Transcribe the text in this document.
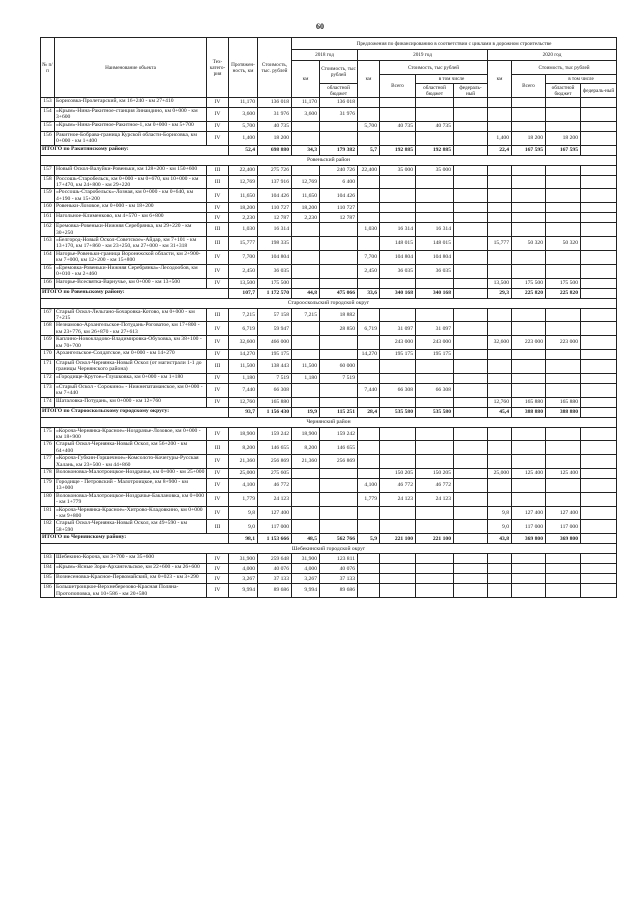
60
№ п/п	Наименование объекта	Тех-катего-рия	Протяжен-ность, км	Стоимость, тыс. рублей	Предложения по финансированию в соответствии с циклами в дорожном строительстве									
					2018 год		2019 год				2020 год			
					км	Стоимость, тыс рублей	км	Стоимость, тыс рублей			км	Стоимость, тыс рублей		
								Всего	в том числе			Всего	в том числе	
						областной бюджет			областной бюджет	федераль-ный			областной бюджет	федераль-ный
153	Борисовка-Пролетарский, км 16+240 - км 27+410	IV	11,170	136 018	11,170	136 018								
154	«Крым»-Нина-Ракитное-станция Зинаидино, км 0+000 - км 3+600	IV	3,600	31 976	3,600	31 976								
155	«Крым»-Нина-Ракитное-Ракитное-1, км 0+000 - км 5+700	IV	5,700	40 735			5,700	40 735	40 735					
156	Ракитное-Бобрава-граница Курской области-Борисовка, км 0+000 - км 1+400	IV	1,400	18 200							1,400	18 200	18 200	
ИТОГО по Ракитянскому району:			52,4	698 880	34,3	179 382	5,7	192 885	192 885		22,4	167 595	167 595	
Ровеньский район														
157	Новый Оскол-Валуйки-Ровеньки, км 128+200 - км 150+600	III	22,400	275 726		240 726	22,400	35 000	35 000					
158	Россошь-Старобельск, км 0+000 - км 0+670, км 10+000 - км 17+470, км 24+800 - км 29+220	III	12,769	137 916	12,769	6 400								
159	«Россошь-Старобельск»-Лозная, км 0+000 - км 0+640, км 4+190 - км 15+200	IV	11,650	104 426	11,650	104 426								
160	Ровеньки-Лозовое, км 0+000 - км 18+200	IV	18,200	110 727	18,200	110 727								
161	Нагольное-Клименково, км 4+570 - км 6+800	IV	2,230	12 787	2,230	12 787								
162	Еремовка-Ровеньки-Нижняя Серебрянка, км 29+220 - км 30+250	III	1,030	16 314			1,030	16 314	16 314					
163	«Белгород-Новый Оскол-Советское»-Айдар, км 7+101 - км 13+170, км 17+860 - км 23+250, км 27+000 - км 31+318	III	15,777	198 335				148 015	148 015		15,777	50 320	50 320	
164	Нагорье-Ровеньки-граница Воронежской области, км 2+900-км 7+000, км 12+200 - км 15+800	IV	7,700	104 804			7,700	104 804	104 804					
165	«Еремовка-Ровеньки-Нижняя Серебрянка»-Лесодообов, км 0+010 - км 2+460	IV	2,450	36 035			2,450	36 035	36 035					
166	Нагорье-Всесвятка-Варнучье, км 0+000 - км 13+500	IV	13,500	175 500							13,500	175 500	175 500	
ИТОГО по Ровеньскому району:			107,7	1 172 570	44,8	475 066	33,6	340 168	340 168		29,3	225 820	225 820	
Старооскольский городской округ														
167	Старый Оскол-Лельгано-Бочаровка-Котово, км 0+000 - км 7+215	III	7,215	57 158	7,215	18 882								
168	Незнамово-Архангельское-Потудань-Роговатое, км 17+800 - км 23+776, км 26+870 - км 27+613	IV	6,719	59 947		28 850	6,719	31 097	31 097					
169	Каплино-Новокладово-Владимировка-Обуховка, км 38+100 - км 70+700	IV	32,600	466 000				243 000	243 000		32,600	223 000	223 000	
170	Архангельское-Солдатское, км 0+000 - км 14+270	IV	14,270	195 175			14,270	195 175	195 175					
171	Старый Оскол-Чернянка-Новый Оскол (от магистрали 1-1 до границы Чернянского района)	III	11,500	138 443	11,500	60 000								
172	«Городище-Крутое»-Глушковка, км 0+000 - км 1+180	IV	1,180	7 519	1,180	7 519								
173	«Старый Оскол - Сорокино» - Нижнепатаманское, км 0+000 - км 7+440	IV	7,440	66 308			7,440	66 308	66 308					
174	Шаталовка-Потудань, км 0+000 - км 12+760	IV	12,760	165 880							12,760	165 880	165 880	
ИТОГО по Старооскольскому городскому округу:			93,7	1 156 430	19,9	115 251	28,4	535 580	535 580		45,4	388 880	388 880	
Чернянский район														
175	«Короча-Чернянка-Красное»-Ноздрачье-Лозовое, км 0+000 - км 18+900	IV	18,900	159 242	18,900	159 242								
176	Старый Оскол-Чернянка-Новый Оскол, км 56+200 - км 64+400	III	8,200	146 655	8,200	146 655								
177	«Короча-Губкин-Горшечное»-Комсолото-Кочегуры-Русская Халань, км 23+500 - км 44+860	IV	21,360	256 869	21,360	256 869								
178	Волоконовка-Малотроицкое-Ноздрачье, км 0+000 - км 25+000	IV	25,000	275 605				150 205	150 205		25,000	125 400	125 400	
179	Городище - Петровский - Малотроицкое, км 8+900 - км 13+000	IV	4,100	46 772			4,100	46 772	46 772					
180	Волоконовка-Малотроицкое-Ноздрачье-Баклановка, км 0+000 - км 1+779	IV	1,779	24 123			1,779	24 123	24 123					
181	«Короча-Чернянка-Красное»-Хитрово-Кладовкино, км 0+000 - км 9+800	IV	9,8	127 400							9,8	127 400	127 400	
182	Старый Оскол-Чернянка-Новый Оскол, км 49+590 - км 58+590	III	9,0	117 000							9,0	117 000	117 000	
ИТОГО по Чернянскому району:			98,1	1 153 666	48,5	562 766	5,9	221 100	221 100		43,8	369 800	369 800	
Шебекинский городской округ														
183	Шебекино-Короча, км 3+700 - км 35+600	IV	31,900	259 648	31,900	123 811								
184	«Крым»-Ясные Зори-Архангельское, км 22+600 - км 26+600	IV	4,000	40 076	4,000	40 076								
185	Вознесеновка-Красное-Первомайский, км 0+023 - км 3+290	IV	3,267	37 133	3,267	37 133								
186	Большетроицкое-Верхнеберезово-Красная Поляна-Протопоповка, км 10+586 - км 20+580	IV	9,994	89 686	9,994	89 686								
